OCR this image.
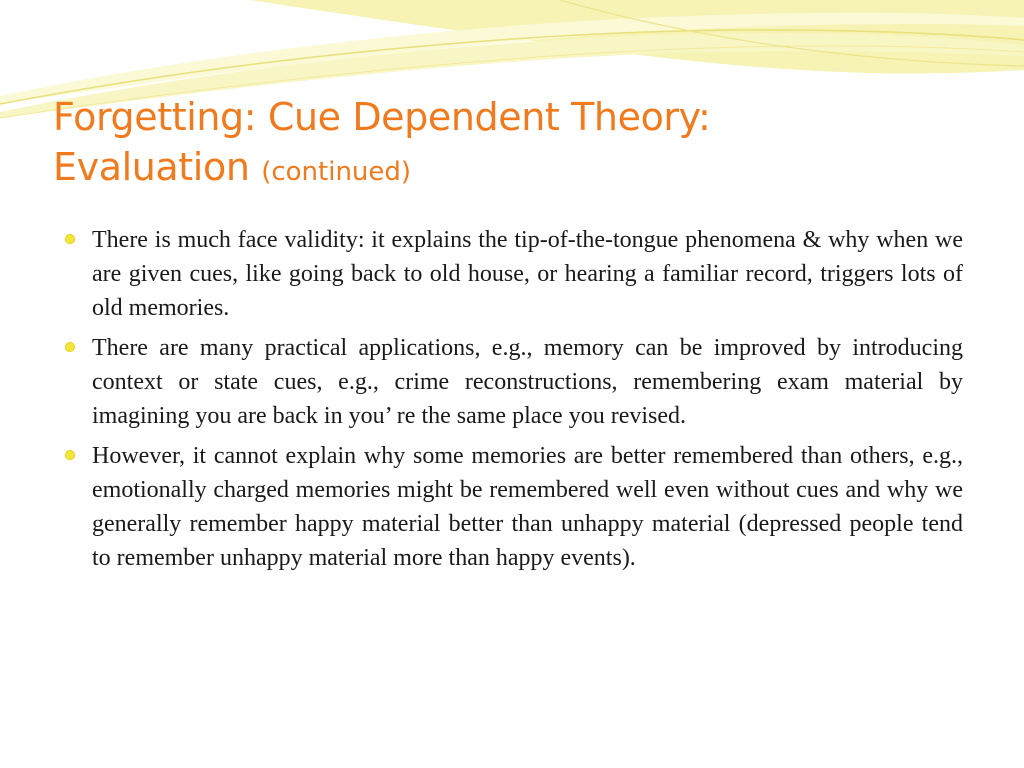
Forgetting: Cue Dependent Theory:
Evaluation (continued)
There is much face validity: it explains the tip-of-the-tongue phenomena & why when we are given cues, like going back to old house, or hearing a familiar record, triggers lots of old memories.
There are many practical applications, e.g., memory can be improved by introducing context or state cues, e.g., crime reconstructions, remembering exam material by imagining you are back in you’ re the same place you revised.
However, it cannot explain why some memories are better remembered than others, e.g., emotionally charged memories might be remembered well even without cues and why we generally remember happy material better than unhappy material (depressed people tend to remember unhappy material more than happy events).
